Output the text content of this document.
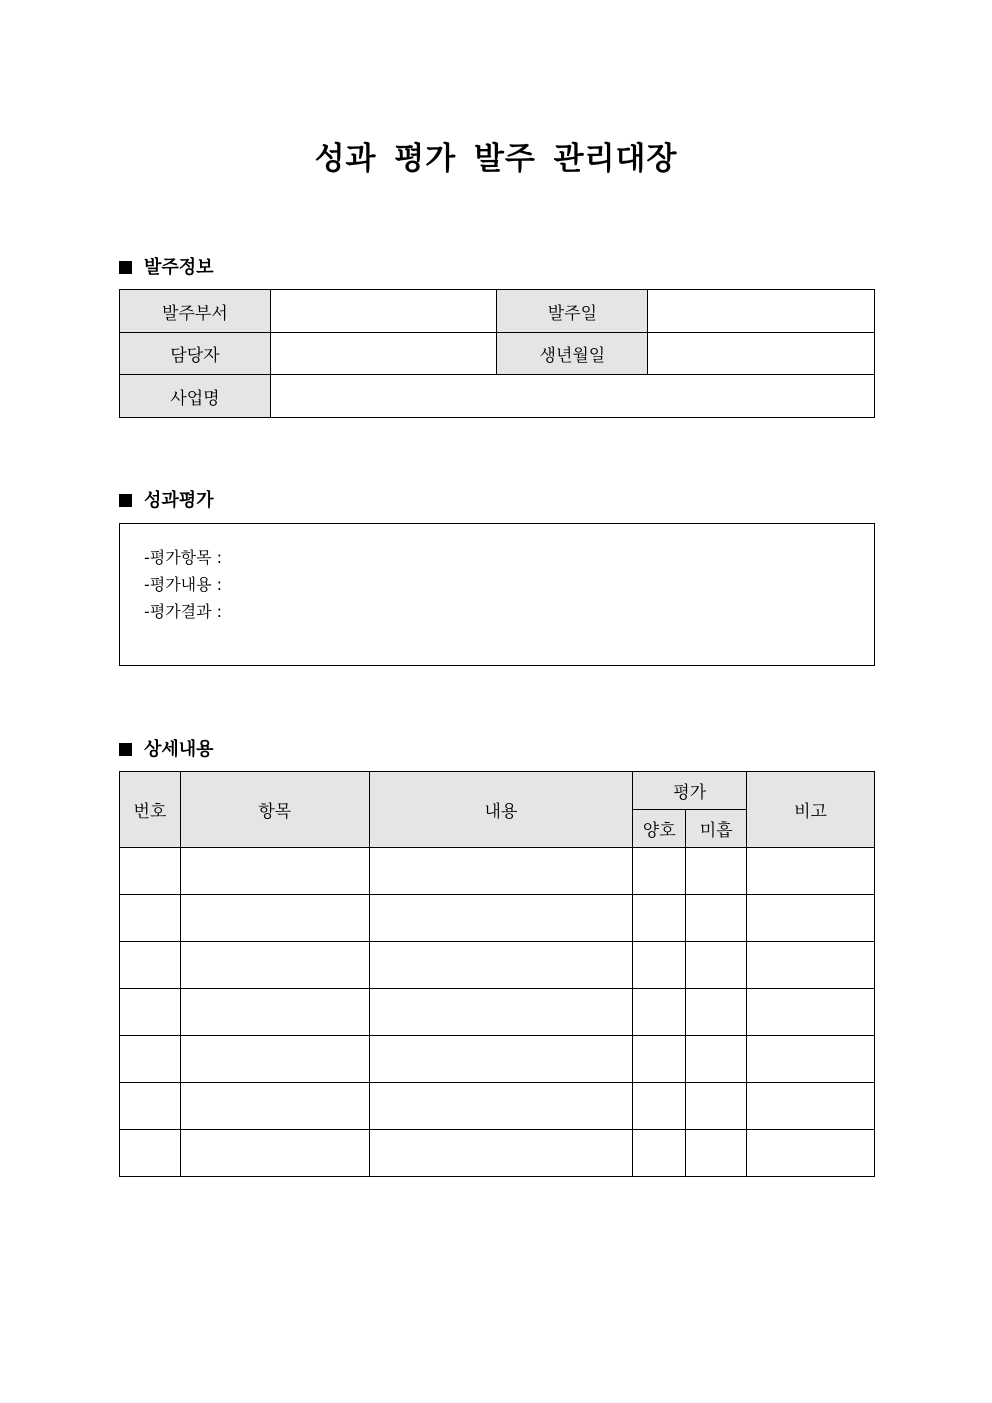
성과 평가 발주 관리대장
발주정보
발주부서		발주일	
담당자		생년월일	
사업명			
성과평가
-평가항목 :
-평가내용 :
-평가결과 :
상세내용
번호	항목	내용	평가		비고
			양호	미흡	
